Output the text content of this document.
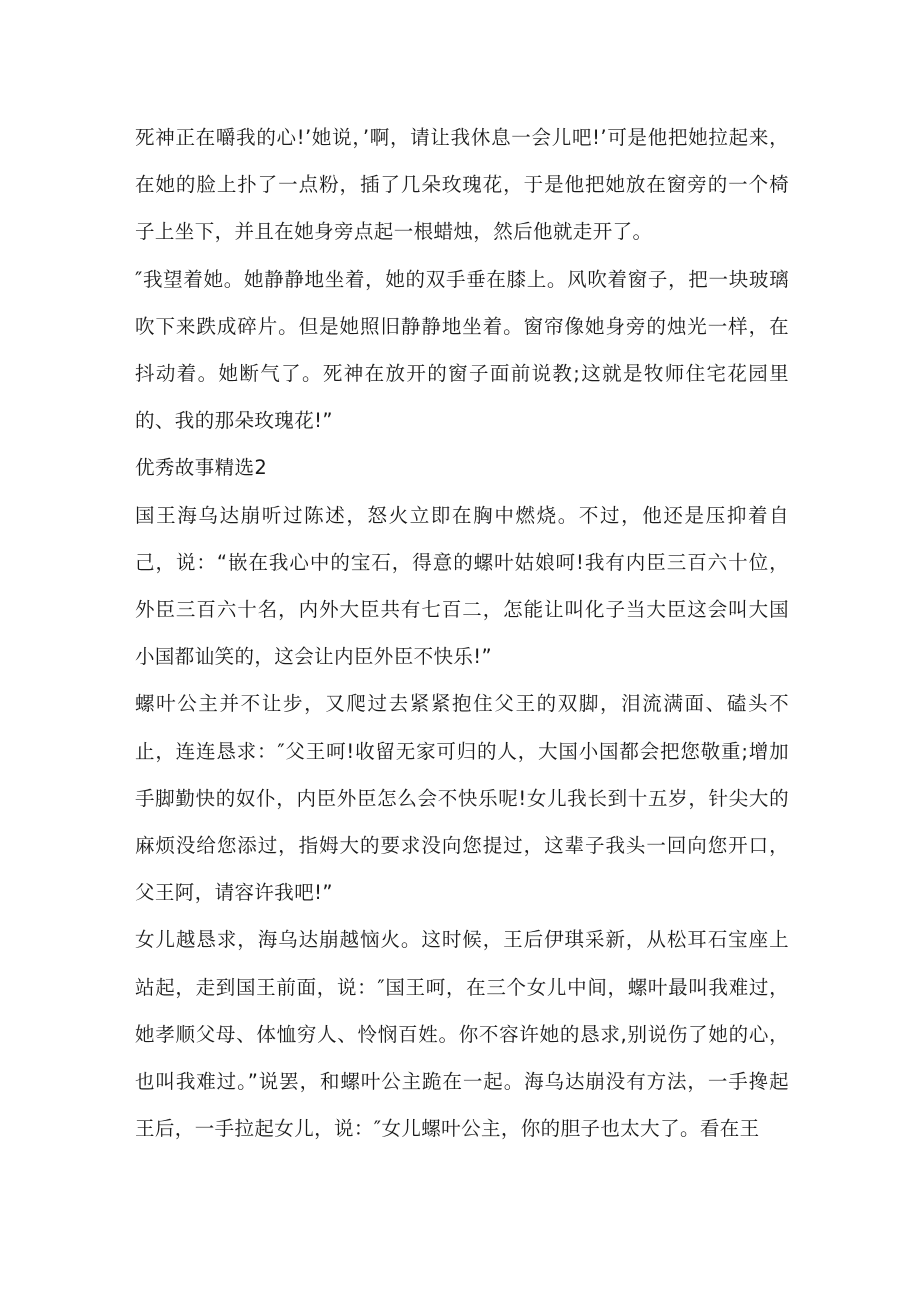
死神正在嚼我的心!’她说，’啊，请让我休息一会儿吧!’可是他把她拉起来，在她的脸上扑了一点粉，插了几朵玫瑰花，于是他把她放在窗旁的一个椅子上坐下，并且在她身旁点起一根蜡烛，然后他就走开了。

″我望着她。她静静地坐着，她的双手垂在膝上。风吹着窗子，把一块玻璃吹下来跌成碎片。但是她照旧静静地坐着。窗帘像她身旁的烛光一样，在抖动着。她断气了。死神在放开的窗子面前说教;这就是牧师住宅花园里的、我的那朵玫瑰花!”

优秀故事精选2

国王海乌达崩听过陈述，怒火立即在胸中燃烧。不过，他还是压抑着自己，说：“嵌在我心中的宝石，得意的螺叶姑娘呵!我有内臣三百六十位，外臣三百六十名，内外大臣共有七百二，怎能让叫化子当大臣这会叫大国小国都讪笑的，这会让内臣外臣不快乐!”

螺叶公主并不让步，又爬过去紧紧抱住父王的双脚，泪流满面、磕头不止，连连恳求：″父王呵!收留无家可归的人，大国小国都会把您敬重;增加手脚勤快的奴仆，内臣外臣怎么会不快乐呢!女儿我长到十五岁，针尖大的麻烦没给您添过，指姆大的要求没向您提过，这辈子我头一回向您开口，父王阿，请容许我吧!”

女儿越恳求，海乌达崩越恼火。这时候，王后伊琪采新，从松耳石宝座上站起，走到国王前面，说：″国王呵，在三个女儿中间，螺叶最叫我难过，她孝顺父母、体恤穷人、怜悯百姓。你不容许她的恳求,别说伤了她的心，也叫我难过。”说罢，和螺叶公主跪在一起。海乌达崩没有方法，一手搀起王后，一手拉起女儿，说：″女儿螺叶公主，你的胆子也太大了。看在王
